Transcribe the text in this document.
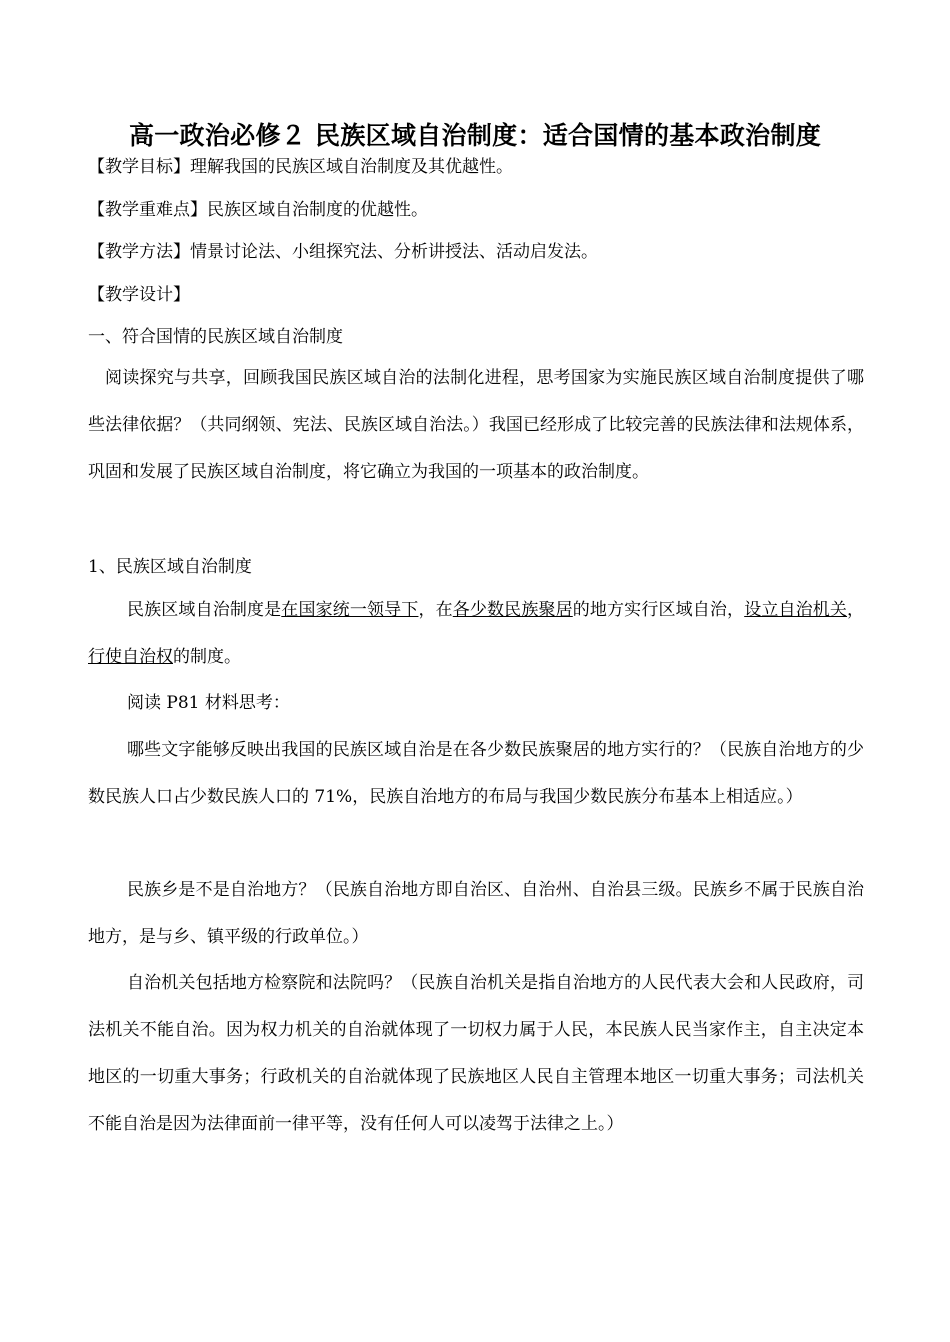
高一政治必修２ 民族区域自治制度：适合国情的基本政治制度
【教学目标】理解我国的民族区域自治制度及其优越性。
【教学重难点】民族区域自治制度的优越性。
【教学方法】情景讨论法、小组探究法、分析讲授法、活动启发法。
【教学设计】
一、符合国情的民族区域自治制度
阅读探究与共享，回顾我国民族区域自治的法制化进程，思考国家为实施民族区域自治制度提供了哪些法律依据？（共同纲领、宪法、民族区域自治法。）我国已经形成了比较完善的民族法律和法规体系，巩固和发展了民族区域自治制度，将它确立为我国的一项基本的政治制度。
1、民族区域自治制度
民族区域自治制度是在国家统一领导下，在各少数民族聚居的地方实行区域自治，设立自治机关，行使自治权的制度。
阅读 P81 材料思考：
哪些文字能够反映出我国的民族区域自治是在各少数民族聚居的地方实行的？（民族自治地方的少数民族人口占少数民族人口的 71%，民族自治地方的布局与我国少数民族分布基本上相适应。）
民族乡是不是自治地方？（民族自治地方即自治区、自治州、自治县三级。民族乡不属于民族自治地方，是与乡、镇平级的行政单位。）
自治机关包括地方检察院和法院吗？（民族自治机关是指自治地方的人民代表大会和人民政府，司法机关不能自治。因为权力机关的自治就体现了一切权力属于人民，本民族人民当家作主，自主决定本地区的一切重大事务；行政机关的自治就体现了民族地区人民自主管理本地区一切重大事务；司法机关不能自治是因为法律面前一律平等，没有任何人可以凌驾于法律之上。）
